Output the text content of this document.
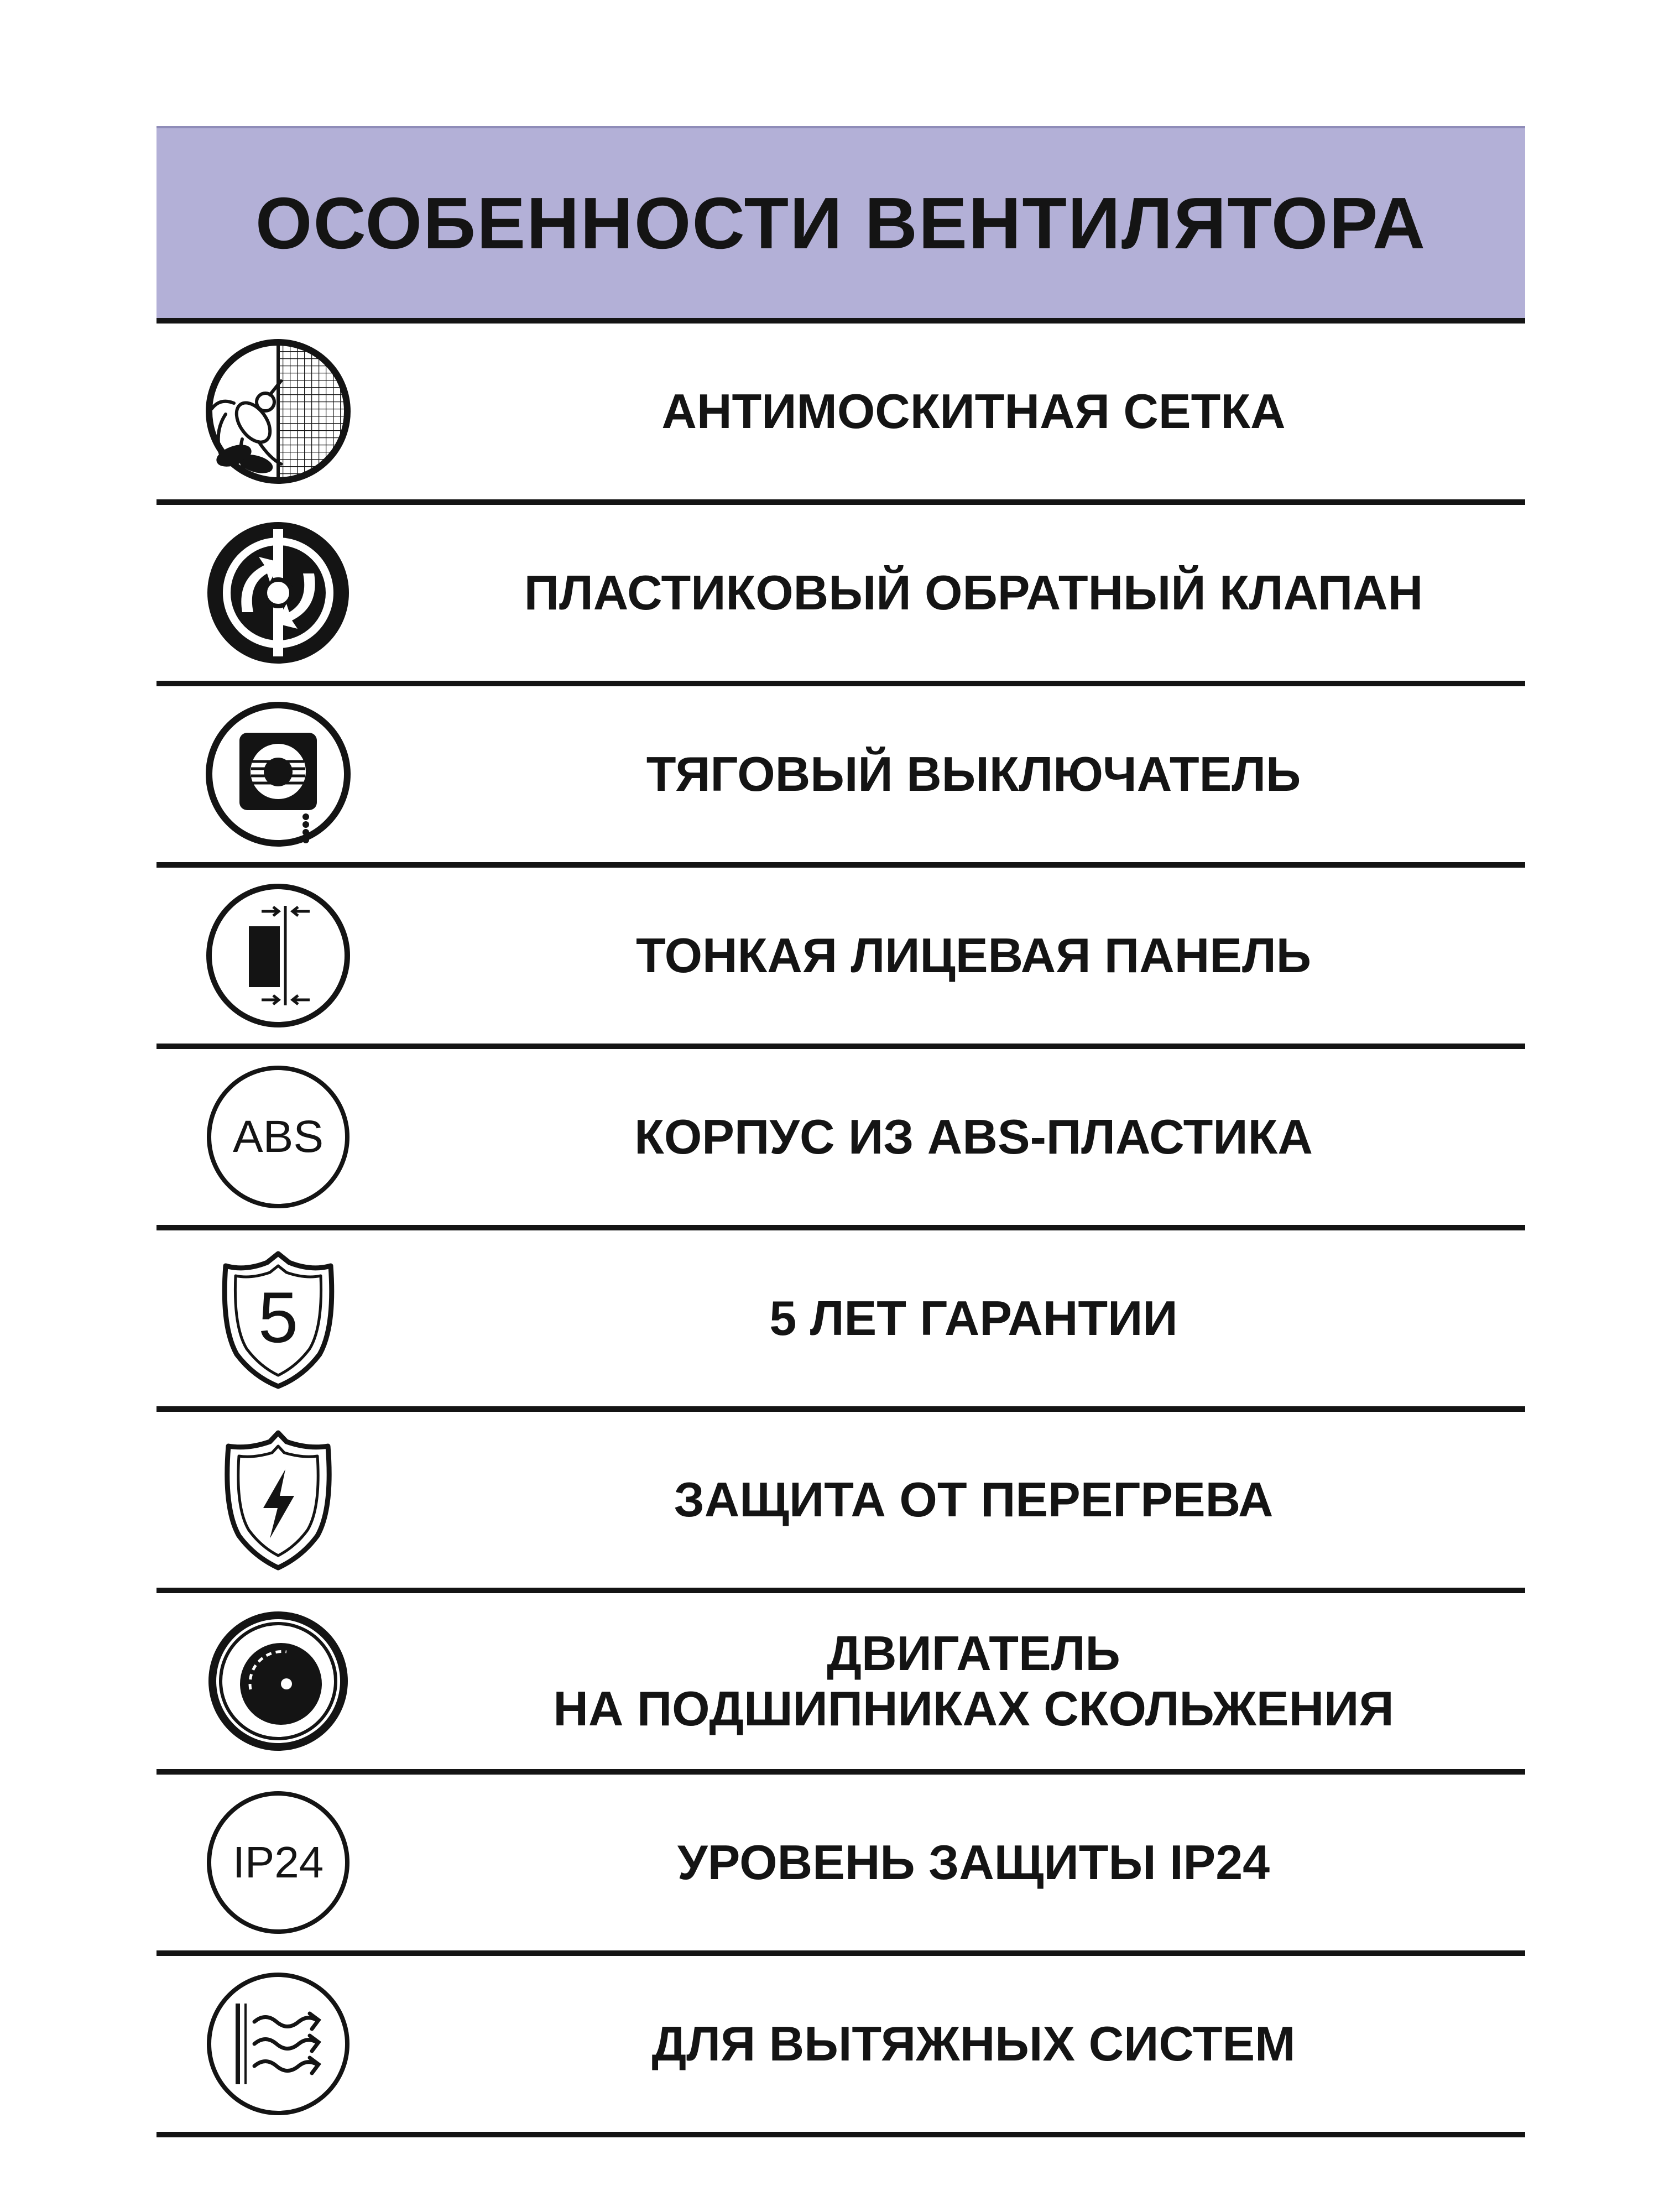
ОСОБЕННОСТИ ВЕНТИЛЯТОРА
АНТИМОСКИТНАЯ СЕТКА
ПЛАСТИКОВЫЙ ОБРАТНЫЙ КЛАПАН
ТЯГОВЫЙ ВЫКЛЮЧАТЕЛЬ
ТОНКАЯ ЛИЦЕВАЯ ПАНЕЛЬ
ABS	КОРПУС ИЗ ABS-ПЛАСТИКА
5	5 ЛЕТ ГАРАНТИИ
ЗАЩИТА ОТ ПЕРЕГРЕВА
ДВИГАТЕЛЬ
НА ПОДШИПНИКАХ СКОЛЬЖЕНИЯ
IP24	УРОВЕНЬ ЗАЩИТЫ IP24
ДЛЯ ВЫТЯЖНЫХ СИСТЕМ
